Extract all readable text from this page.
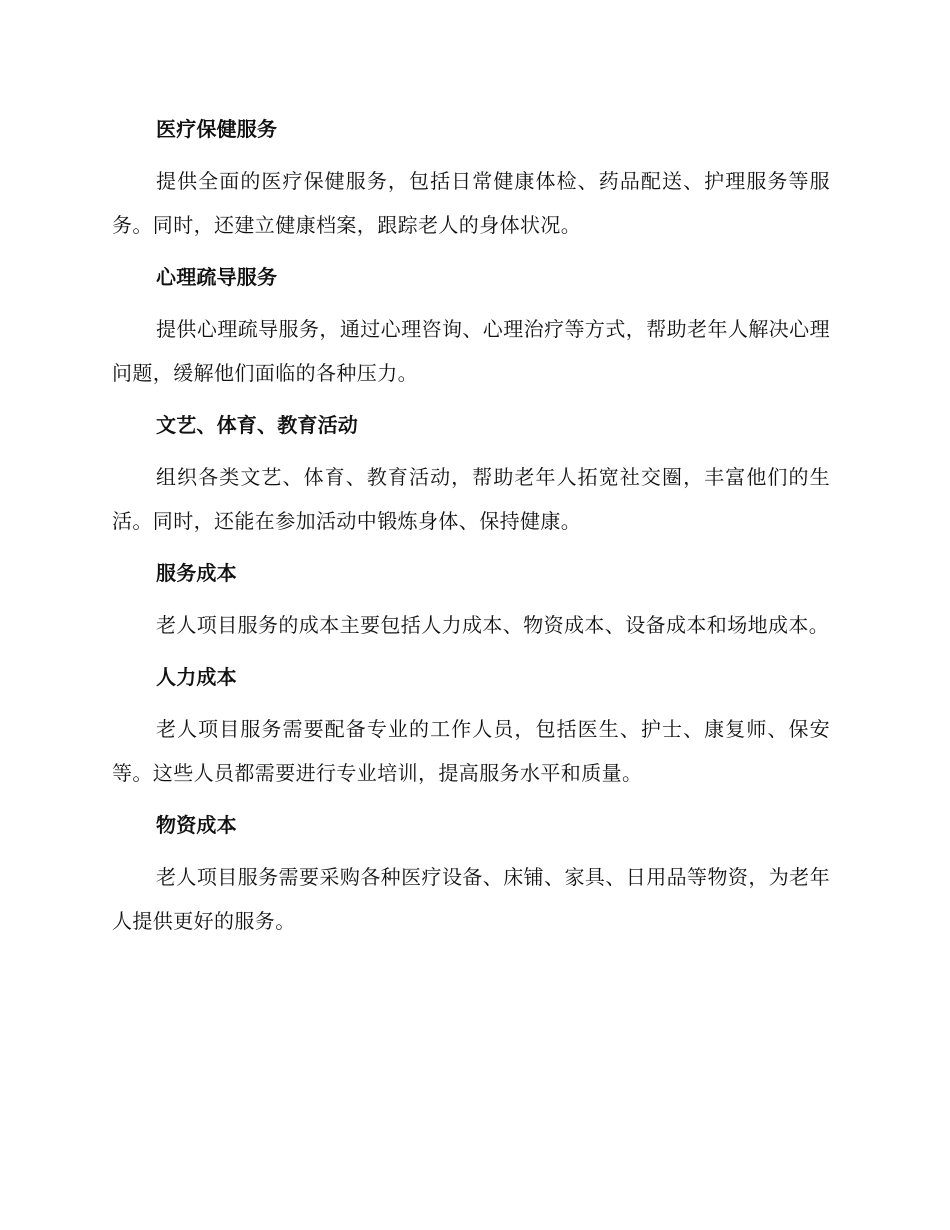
医疗保健服务

提供全面的医疗保健服务，包括日常健康体检、药品配送、护理服务等服务。同时，还建立健康档案，跟踪老人的身体状况。

心理疏导服务

提供心理疏导服务，通过心理咨询、心理治疗等方式，帮助老年人解决心理问题，缓解他们面临的各种压力。

文艺、体育、教育活动

组织各类文艺、体育、教育活动，帮助老年人拓宽社交圈，丰富他们的生活。同时，还能在参加活动中锻炼身体、保持健康。

服务成本

老人项目服务的成本主要包括人力成本、物资成本、设备成本和场地成本。

人力成本

老人项目服务需要配备专业的工作人员，包括医生、护士、康复师、保安等。这些人员都需要进行专业培训，提高服务水平和质量。

物资成本

老人项目服务需要采购各种医疗设备、床铺、家具、日用品等物资，为老年人提供更好的服务。
